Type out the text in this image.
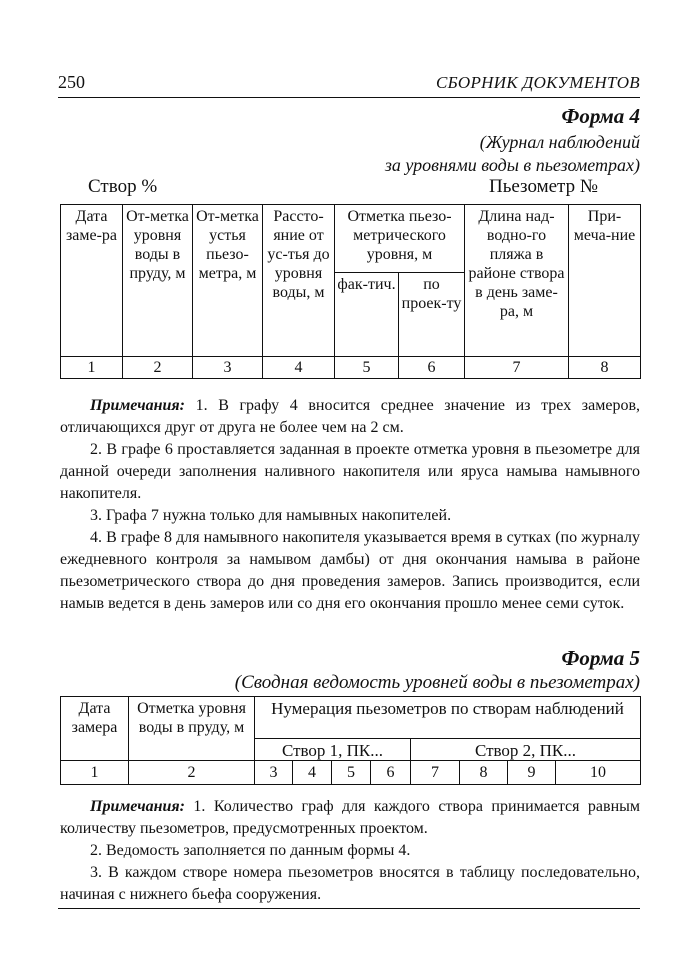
250	СБОРНИК ДОКУМЕНТОВ
Форма 4
(Журнал наблюдений
за уровнями воды в пьезометрах)
Створ %	Пьезометр №
Дата заме-ра	От-метка уровня воды в пруду, м	От-метка устья пьезо-метра, м	Рассто-яние от ус-тья до уровня воды, м	Отметка пьезо-метрического уровня, м		Длина над-водно-го пляжа в районе створа в день заме-ра, м	При-меча-ние
				фак-тич.	по проек-ту		
1	2	3	4	5	6	7	8

Примечания: 1. В графу 4 вносится среднее значение из трех замеров, отличающихся друг от друга не более чем на 2 см.

2. В графе 6 проставляется заданная в проекте отметка уровня в пьезометре для данной очереди заполнения наливного накопителя или яруса намыва намывного накопителя.

3. Графа 7 нужна только для намывных накопителей.

4. В графе 8 для намывного накопителя указывается время в сутках (по журналу ежедневного контроля за намывом дамбы) от дня окончания намыва в районе пьезометрического створа до дня проведения замеров. Запись производится, если намыв ведется в день замеров или со дня его окончания прошло менее семи суток.

Форма 5
(Сводная ведомость уровней воды в пьезометрах)
Дата замера	Отметка уровня воды в пруду, м	Нумерация пьезометров по створам наблюдений							
		Створ 1, ПК...				Створ 2, ПК...			
1	2	3	4	5	6	7	8	9	10

Примечания: 1. Количество граф для каждого створа принимается равным количеству пьезометров, предусмотренных проектом.

2. Ведомость заполняется по данным формы 4.

3. В каждом створе номера пьезометров вносятся в таблицу последовательно, начиная с нижнего бьефа сооружения.
